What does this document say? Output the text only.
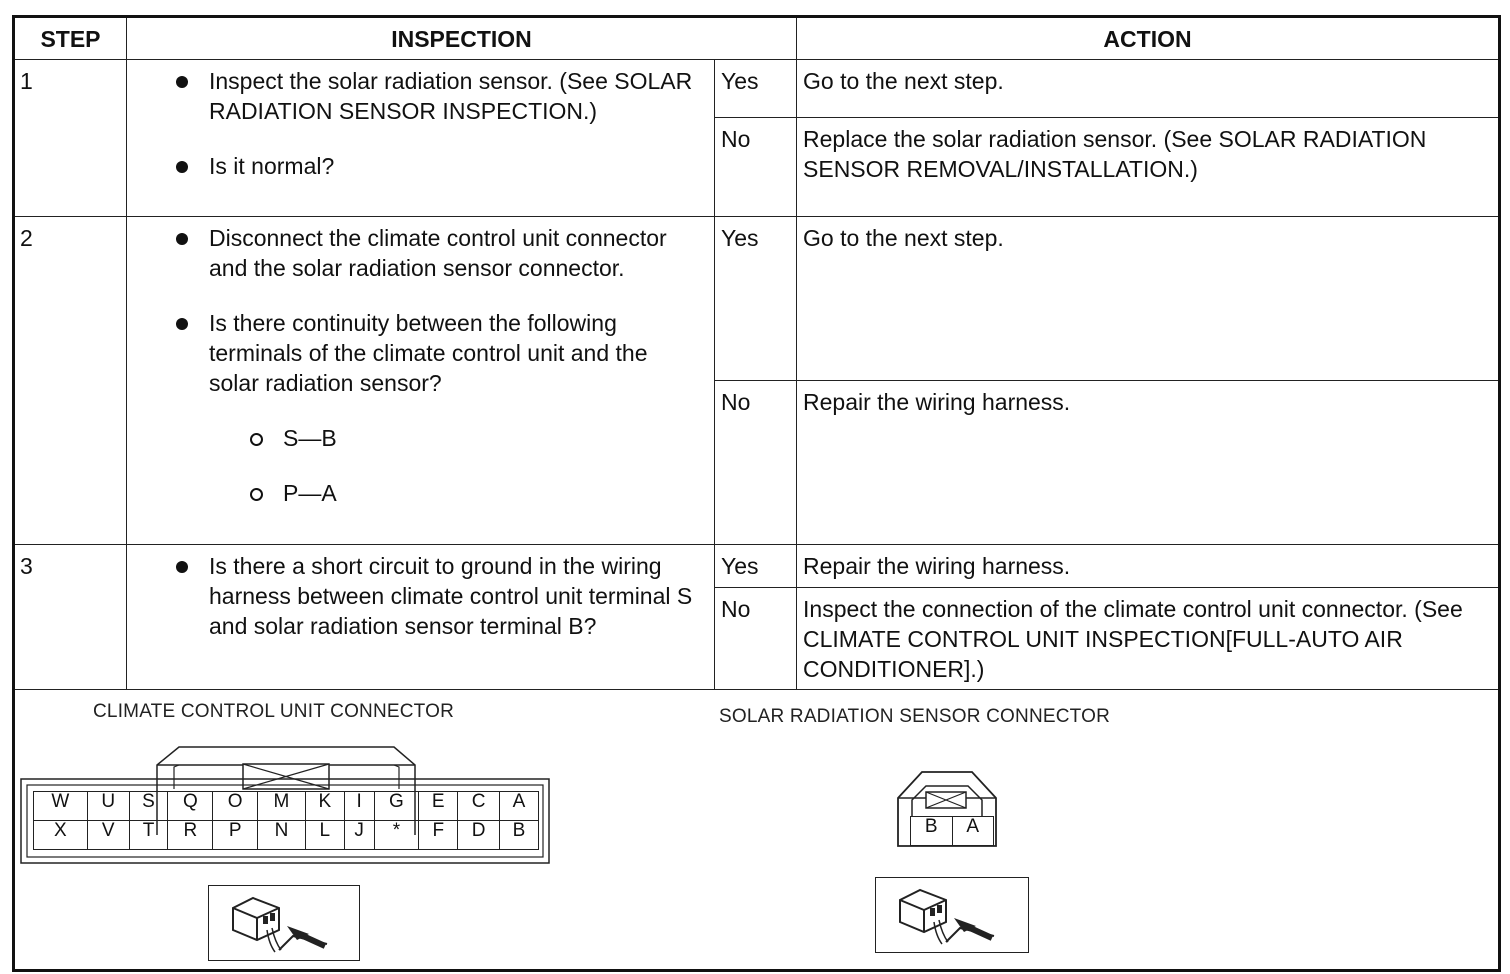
STEP	INSPECTION	ACTION
1	Inspect the solar radiation sensor. (See SOLAR RADIATION SENSOR INSPECTION.)
Is it normal?
	Yes	Go to the next step.
No	Replace the solar radiation sensor. (See SOLAR RADIATION SENSOR REMOVAL/INSTALLATION.)
2	Disconnect the climate control unit connector and the solar radiation sensor connector.
Is there continuity between the following terminals of the climate control unit and the solar radiation sensor?
S—B
P—A
	Yes	Go to the next step.
No	Repair the wiring harness.
3	Is there a short circuit to ground in the wiring harness between climate control unit terminal S and solar radiation sensor terminal B?
	Yes	Repair the wiring harness.
No	Inspect the connection of the climate control unit connector. (See CLIMATE CONTROL UNIT INSPECTION[FULL-AUTO AIR CONDITIONER].)

CLIMATE CONTROL UNIT CONNECTOR
W	U	S	Q	O	M	K	I	G	E	C	A
X	V	T	R	P	N	L	J	*	F	D	B
SOLAR RADIATION SENSOR CONNECTOR
B	A
